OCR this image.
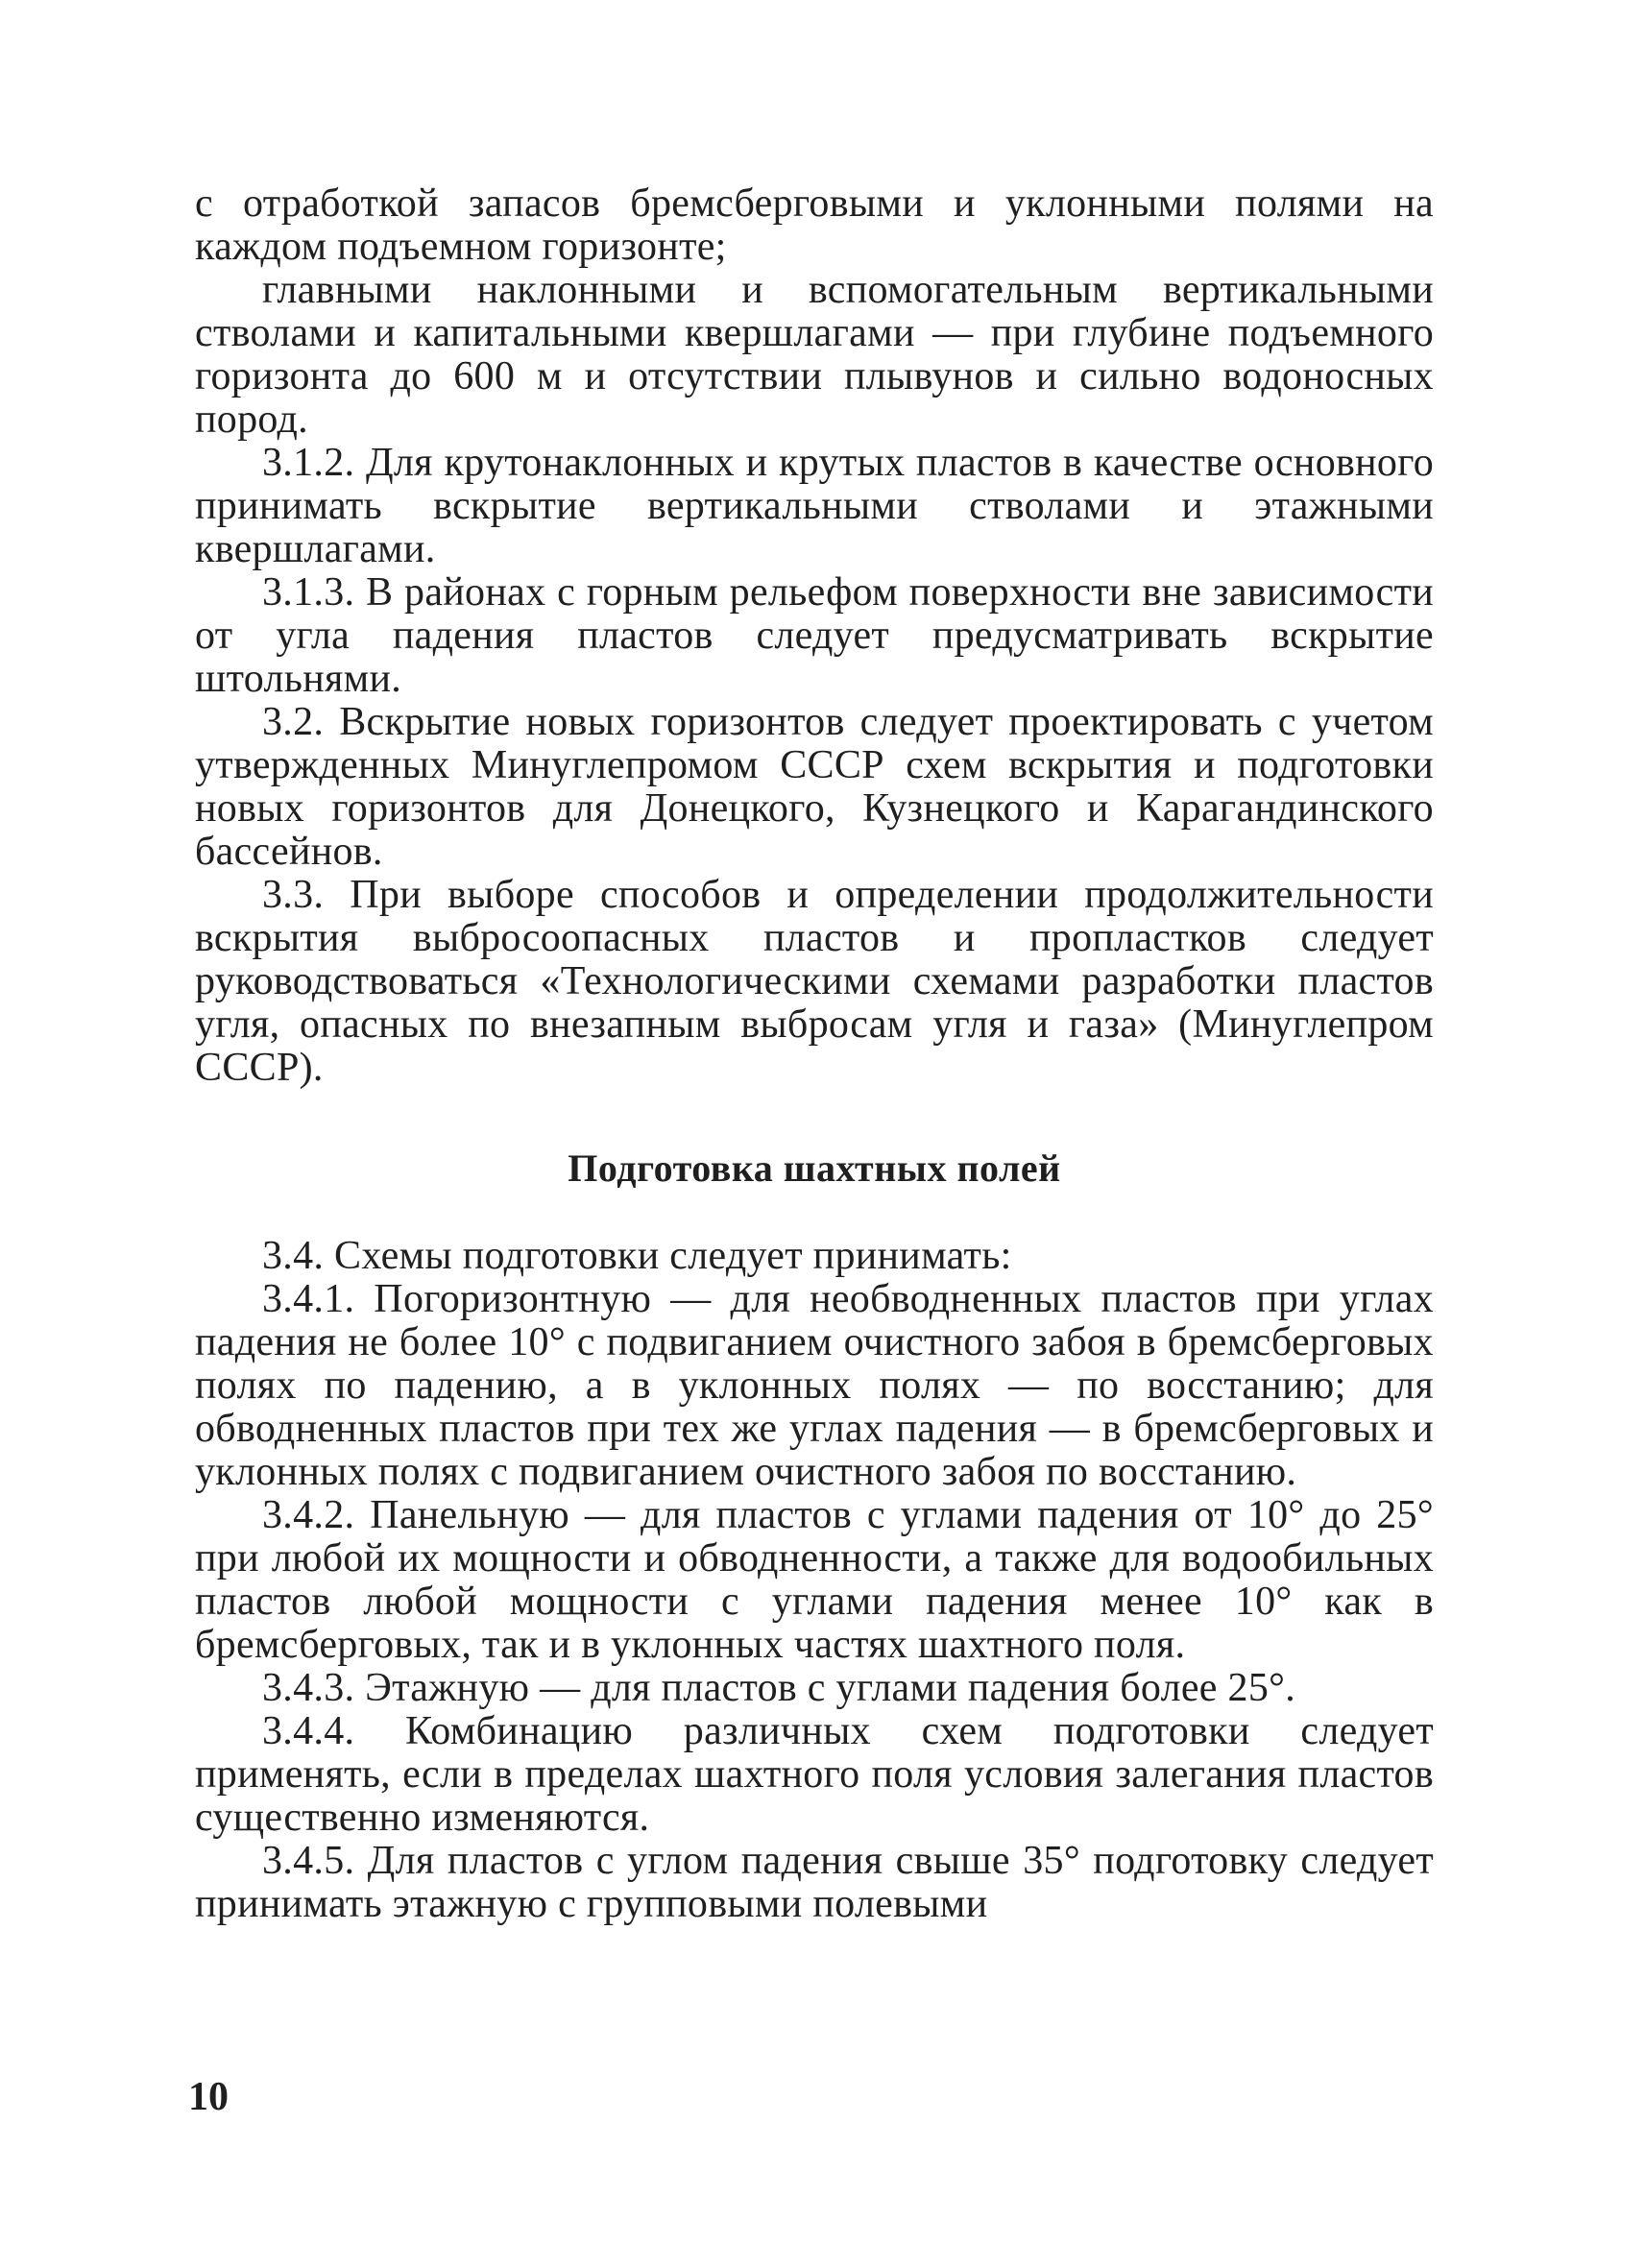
с отработкой запасов бремсберговыми и уклонными полями на каждом подъемном горизонте;

главными наклонными и вспомогательным вертикальными стволами и капитальными квершлагами — при глубине подъемного горизонта до 600 м и отсутствии плывунов и сильно водоносных пород.

3.1.2. Для крутонаклонных и крутых пластов в качестве основного принимать вскрытие вертикальными стволами и этажными квершлагами.

3.1.3. В районах с горным рельефом поверхности вне зависимости от угла падения пластов следует предусматривать вскрытие штольнями.

3.2. Вскрытие новых горизонтов следует проектировать с учетом утвержденных Минуглепромом СССР схем вскрытия и подготовки новых горизонтов для Донецкого, Кузнецкого и Карагандинского бассейнов.

3.3. При выборе способов и определении продолжительности вскрытия выбросоопасных пластов и пропластков следует руководствоваться «Технологическими схемами разработки пластов угля, опасных по внезапным выбросам угля и газа» (Минуглепром СССР).

Подготовка шахтных полей

3.4. Схемы подготовки следует принимать:

3.4.1. Погоризонтную — для необводненных пластов при углах падения не более 10° с подвиганием очистного забоя в бремсберговых полях по падению, а в уклонных полях — по восстанию; для обводненных пластов при тех же углах падения — в бремсберговых и уклонных полях с подвиганием очистного забоя по восстанию.

3.4.2. Панельную — для пластов с углами падения от 10° до 25° при любой их мощности и обводненности, а также для водообильных пластов любой мощности с углами падения менее 10° как в бремсберговых, так и в уклонных частях шахтного поля.

3.4.3. Этажную — для пластов с углами падения более 25°.

3.4.4. Комбинацию различных схем подготовки следует применять, если в пределах шахтного поля условия залегания пластов существенно изменяются.

3.4.5. Для пластов с углом падения свыше 35° подготовку следует принимать этажную с групповыми полевыми

10
